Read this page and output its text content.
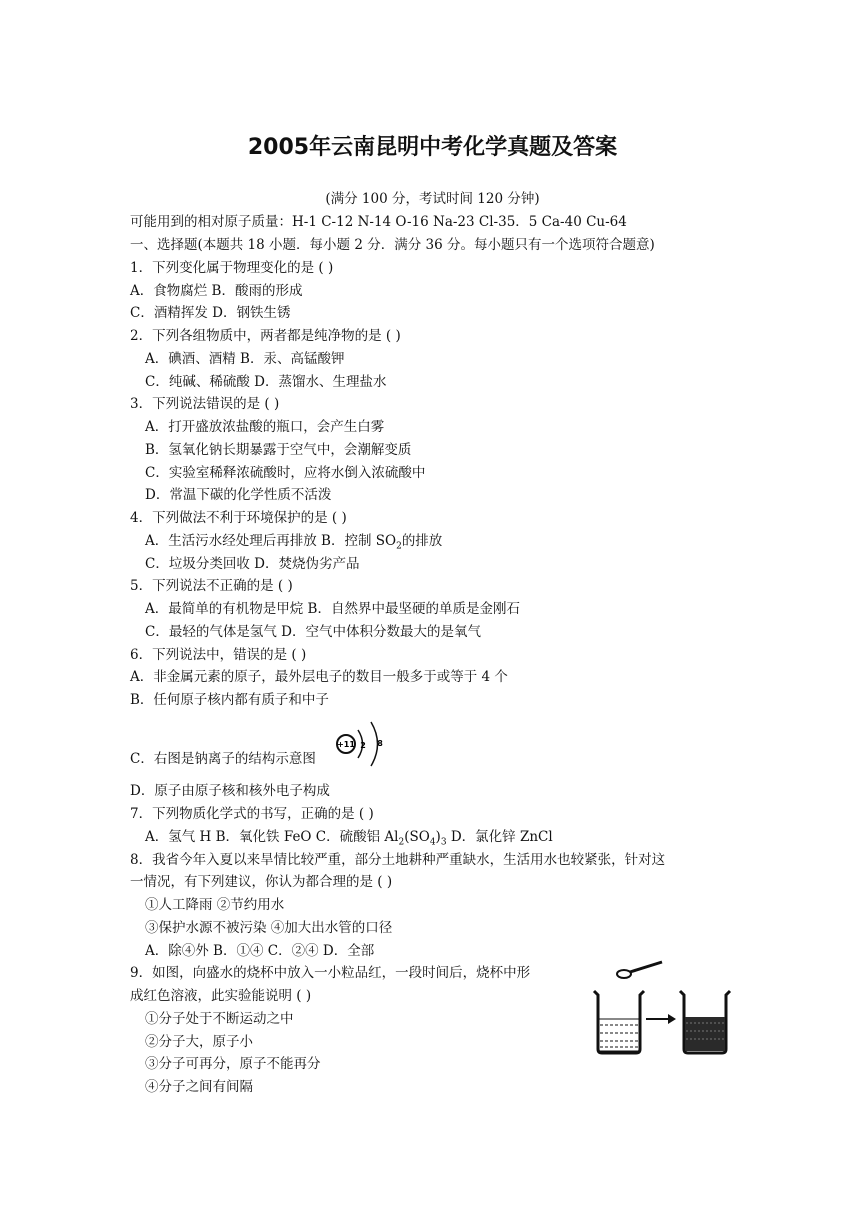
2005年云南昆明中考化学真题及答案
(满分 100 分，考试时间 120 分钟)
可能用到的相对原子质量：H-1 C-12 N-14 O-16 Na-23 Cl-35．5 Ca-40 Cu-64
一、选择题(本题共 18 小题．每小题 2 分．满分 36 分。每小题只有一个选项符合题意)
1．下列变化属于物理变化的是 ( )
A．食物腐烂 B．酸雨的形成
C．酒精挥发 D．钢铁生锈
2．下列各组物质中，两者都是纯净物的是 ( )
A．碘酒、酒精 B．汞、高锰酸钾
C．纯碱、稀硫酸 D．蒸馏水、生理盐水
3．下列说法错误的是 ( )
A．打开盛放浓盐酸的瓶口，会产生白雾
B．氢氧化钠长期暴露于空气中，会潮解变质
C．实验室稀释浓硫酸时，应将水倒入浓硫酸中
D．常温下碳的化学性质不活泼
4．下列做法不利于环境保护的是 ( )
A．生活污水经处理后再排放 B．控制 $SO_2$的排放
C．垃圾分类回收 D．焚烧伪劣产品
5．下列说法不正确的是 ( )
A．最简单的有机物是甲烷 B．自然界中最坚硬的单质是金刚石
C．最轻的气体是氢气 D．空气中体积分数最大的是氧气
6．下列说法中，错误的是 ( )
A．非金属元素的原子，最外层电子的数目一般多于或等于 4 个
B．任何原子核内都有质子和中子
C．右图是钠离子的结构示意图
+11 2 8
D．原子由原子核和核外电子构成
7．下列物质化学式的书写，正确的是 ( )
A．氢气 H B．氧化铁 FeO C．硫酸铝 $Al_2(SO_4)_3$ D．氯化锌 ZnCl
8．我省今年入夏以来旱情比较严重，部分土地耕种严重缺水，生活用水也较紧张，针对这
一情况，有下列建议，你认为都合理的是 ( )
①人工降雨 ②节约用水
③保护水源不被污染 ④加大出水管的口径
A．除④外 B．①④ C．②④ D．全部
9．如图，向盛水的烧杯中放入一小粒品红，一段时间后，烧杯中形
成红色溶液，此实验能说明 ( )
①分子处于不断运动之中
②分子大，原子小
③分子可再分，原子不能再分
④分子之间有间隔
